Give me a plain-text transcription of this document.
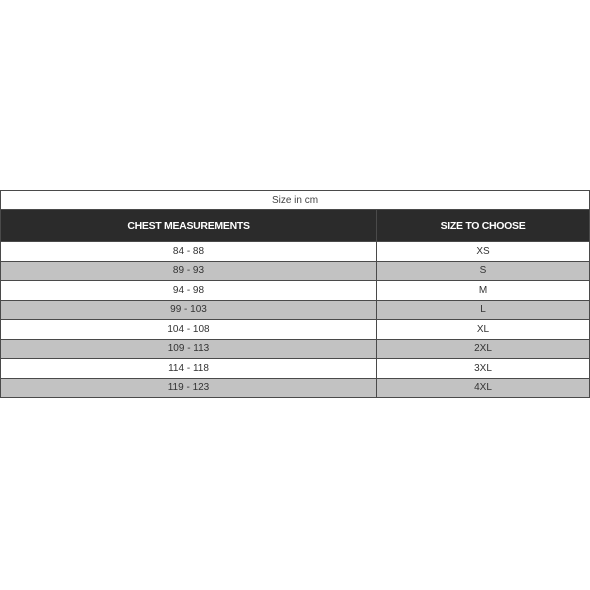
Size in cm	
CHEST MEASUREMENTS	SIZE TO CHOOSE
84 - 88	XS
89 - 93	S
94 - 98	M
99 - 103	L
104 - 108	XL
109 - 113	2XL
114 - 118	3XL
119 - 123	4XL
